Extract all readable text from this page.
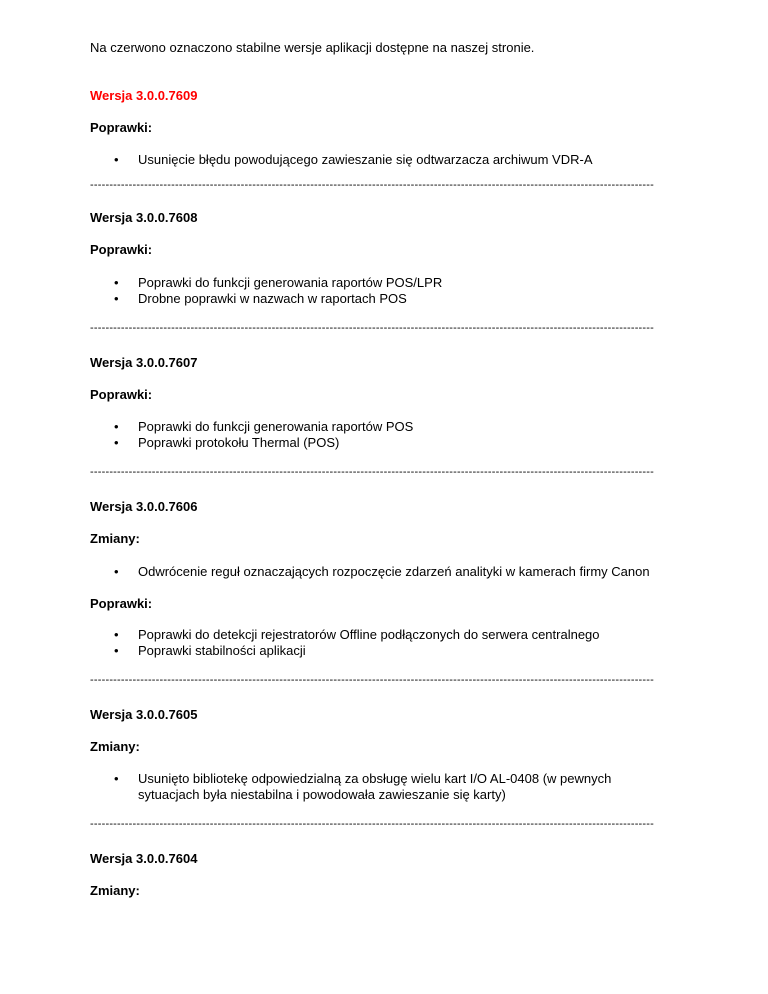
Na czerwono oznaczono stabilne wersje aplikacji dostępne na naszej stronie.
Wersja 3.0.0.7609
Poprawki:
• Usunięcie błędu powodującego zawieszanie się odtwarzacza archiwum VDR-A
--------------------------------------------------------------------------------------------------------------------------------------------------
Wersja 3.0.0.7608
Poprawki:
• Poprawki do funkcji generowania raportów POS/LPR
• Drobne poprawki w nazwach w raportach POS
--------------------------------------------------------------------------------------------------------------------------------------------------
Wersja 3.0.0.7607
Poprawki:
• Poprawki do funkcji generowania raportów POS
• Poprawki protokołu Thermal (POS)
--------------------------------------------------------------------------------------------------------------------------------------------------
Wersja 3.0.0.7606
Zmiany:
• Odwrócenie reguł oznaczających rozpoczęcie zdarzeń analityki w kamerach firmy Canon
Poprawki:
• Poprawki do detekcji rejestratorów Offline podłączonych do serwera centralnego
• Poprawki stabilności aplikacji
--------------------------------------------------------------------------------------------------------------------------------------------------
Wersja 3.0.0.7605
Zmiany:
• Usunięto bibliotekę odpowiedzialną za obsługę wielu kart I/O AL-0408 (w pewnych sytuacjach była niestabilna i powodowała zawieszanie się karty)
--------------------------------------------------------------------------------------------------------------------------------------------------
Wersja 3.0.0.7604
Zmiany:
